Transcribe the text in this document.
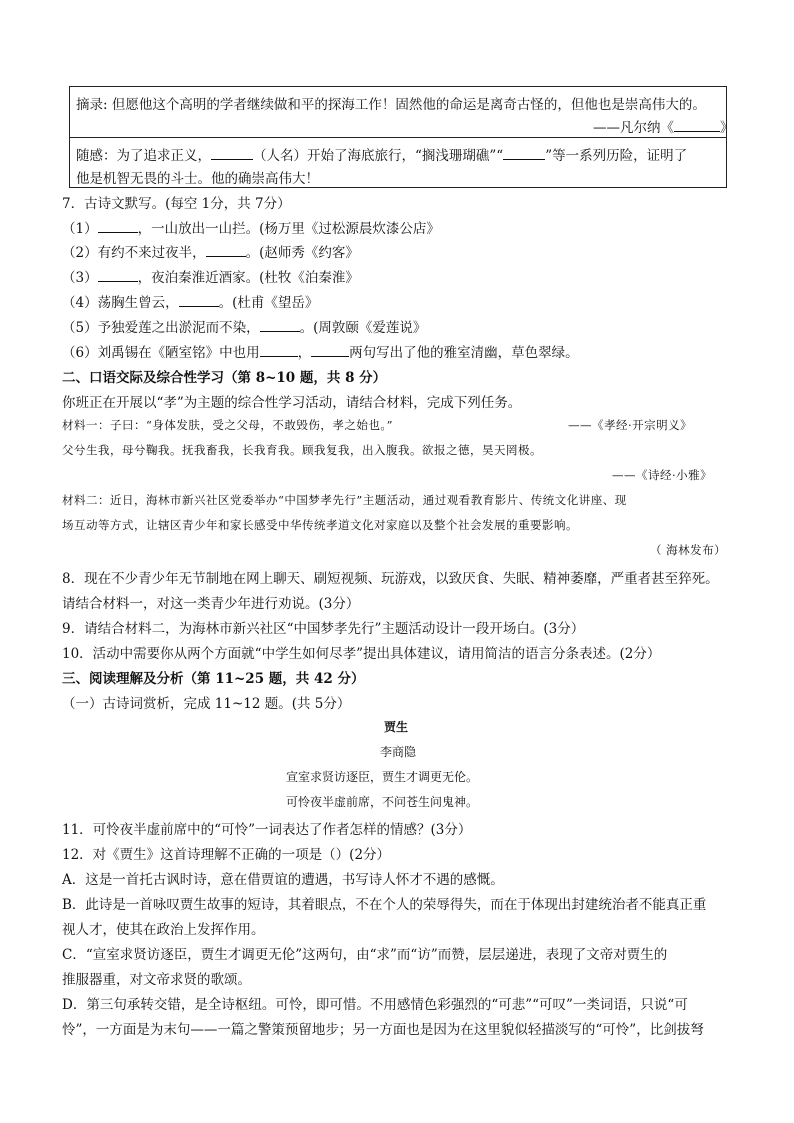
摘录: 但愿他这个高明的学者继续做和平的探海工作！固然他的命运是离奇古怪的，但他也是崇高伟大的。
——凡尔纳《	》
随感：为了追求正义，	（人名）开始了海底旅行，“搁浅珊瑚礁”“	”等一系列历险，证明了
他是机智无畏的斗士。他的确崇高伟大！
7．古诗文默写。(每空 1分，共 7分）
（1）	，一山放出一山拦。(杨万里《过松源晨炊漆公店》
（2）有约不来过夜半，	。(赵师秀《约客》
（3）	，夜泊秦淮近酒家。(杜牧《泊秦淮》
（4）荡胸生曾云，	。(杜甫《望岳》
（5）予独爱莲之出淤泥而不染，	。(周敦颐《爱莲说》
（6）刘禹锡在《陋室铭》中也用	，	两句写出了他的雅室清幽，草色翠绿。
二、口语交际及综合性学习（第 8~10 题，共 8 分）
你班正在开展以“孝”为主题的综合性学习活动，请结合材料，完成下列任务。
材料一：子曰：“身体发肤，受之父母，不敢毁伤，孝之始也。”	——《孝经·开宗明义》
父兮生我，母兮鞠我。抚我畜我，长我育我。顾我复我，出入腹我。欲报之德，昊天罔极。
——《诗经·小雅》
材料二：近日，海林市新兴社区党委举办“中国梦孝先行”主题活动，通过观看教育影片、传统文化讲座、现
场互动等方式，让辖区青少年和家长感受中华传统孝道文化对家庭以及整个社会发展的重要影响。
（ 海林发布）
8．现在不少青少年无节制地在网上聊天、刷短视频、玩游戏，以致厌食、失眠、精神萎靡，严重者甚至猝死。
请结合材料一，对这一类青少年进行劝说。(3分）
9．请结合材料二，为海林市新兴社区“中国梦孝先行”主题活动设计一段开场白。(3分）
10．活动中需要你从两个方面就“中学生如何尽孝”提出具体建议，请用简洁的语言分条表述。(2分）
三、阅读理解及分析（第 11~25 题，共 42 分）
（一）古诗词赏析，完成 11~12 题。(共 5分）
贾生
李商隐
宣室求贤访逐臣，贾生才调更无伦。
可怜夜半虚前席，不问苍生问鬼神。
11．可怜夜半虚前席中的“可怜”一词表达了作者怎样的情感？(3分）
12．对《贾生》这首诗理解不正确的一项是（）(2分）
A．这是一首托古讽时诗，意在借贾谊的遭遇，书写诗人怀才不遇的感慨。
B．此诗是一首咏叹贾生故事的短诗，其着眼点，不在个人的荣辱得失，而在于体现出封建统治者不能真正重
视人才，使其在政治上发挥作用。
C．“宣室求贤访逐臣，贾生才调更无伦”这两句，由“求”而“访”而赞，层层递进，表现了文帝对贾生的
推服器重，对文帝求贤的歌颂。
D．第三句承转交错，是全诗枢纽。可怜，即可惜。不用感情色彩强烈的“可悲”“可叹”一类词语，只说“可
怜”，一方面是为末句——一篇之警策预留地步；另一方面也是因为在这里貌似轻描淡写的“可怜”，比剑拔弩
